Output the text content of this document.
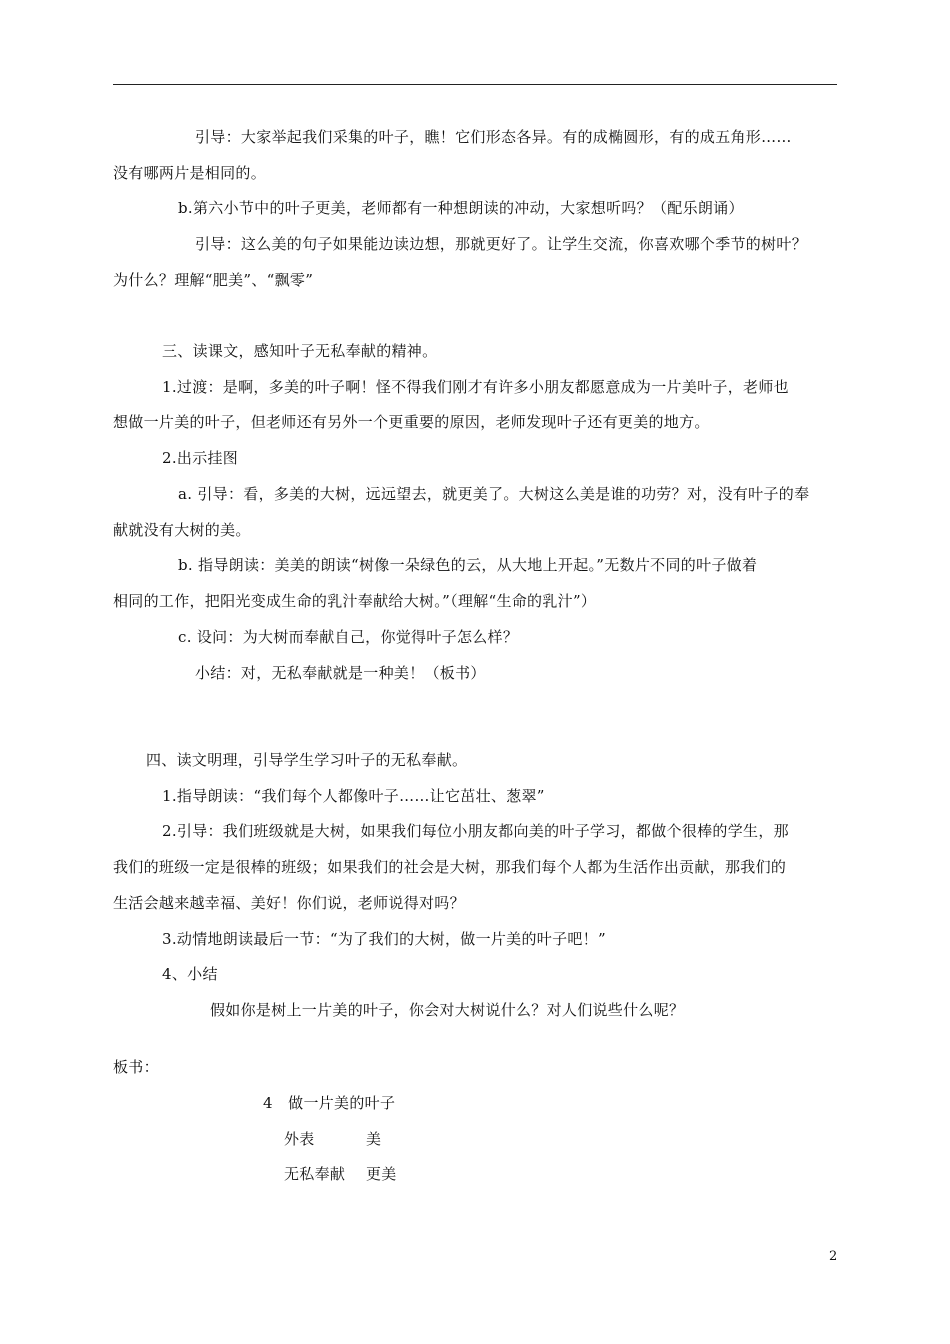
引导：大家举起我们采集的叶子，瞧！它们形态各异。有的成椭圆形，有的成五角形……
没有哪两片是相同的。
b.第六小节中的叶子更美，老师都有一种想朗读的冲动，大家想听吗？（配乐朗诵）
引导：这么美的句子如果能边读边想，那就更好了。让学生交流，你喜欢哪个季节的树叶？
为什么？理解“肥美”、“飘零”
三、读课文，感知叶子无私奉献的精神。
1.过渡：是啊，多美的叶子啊！怪不得我们刚才有许多小朋友都愿意成为一片美叶子，老师也
想做一片美的叶子，但老师还有另外一个更重要的原因，老师发现叶子还有更美的地方。
2.出示挂图
a. 引导：看，多美的大树，远远望去，就更美了。大树这么美是谁的功劳？对，没有叶子的奉
献就没有大树的美。
b. 指导朗读：美美的朗读“树像一朵绿色的云，从大地上开起。”无数片不同的叶子做着
相同的工作，把阳光变成生命的乳汁奉献给大树。”（理解“生命的乳汁”）
c. 设问：为大树而奉献自己，你觉得叶子怎么样？
小结：对，无私奉献就是一种美！（板书）
四、读文明理，引导学生学习叶子的无私奉献。
1.指导朗读：“我们每个人都像叶子……让它茁壮、葱翠”
2.引导：我们班级就是大树，如果我们每位小朋友都向美的叶子学习，都做个很棒的学生，那
我们的班级一定是很棒的班级；如果我们的社会是大树，那我们每个人都为生活作出贡献，那我们的
生活会越来越幸福、美好！你们说，老师说得对吗？
3.动情地朗读最后一节：“为了我们的大树，做一片美的叶子吧！”
4、小结
假如你是树上一片美的叶子，你会对大树说什么？对人们说些什么呢？
板书：
4　做一片美的叶子
外表	美
无私奉献 更美
2
